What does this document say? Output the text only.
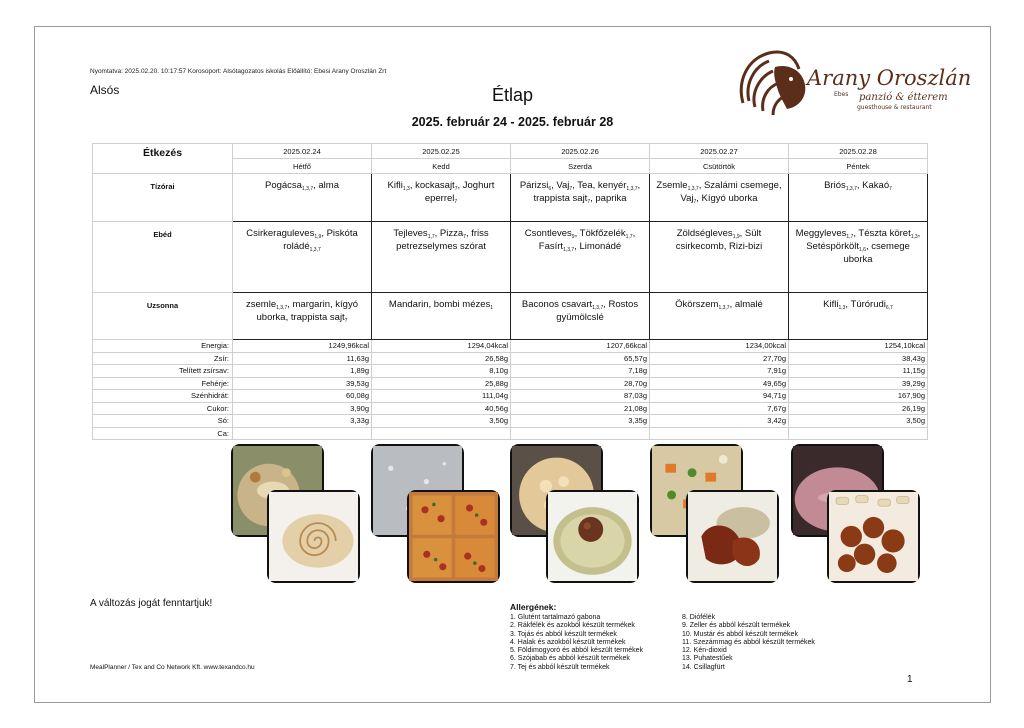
Nyomtatva: 2025.02.20. 10:17:57 Korosoport: Alsótagozatos iskolás Előállító: Ebesi Arany Oroszlán Zrt
Alsós	Étlap
2025. február 24 - 2025. február 28
Arany Oroszlán
Ebes panzió & étterem
guesthouse & restaurant
Étkezés	2025.02.24	2025.02.25	2025.02.26	2025.02.27	2025.02.28
	Hétfő	Kedd	Szerda	Csütörtök	Péntek
Tízórai	Pogácsa$_{1,3,7}$, alma	Kifli$_{1,3}$, kockasajt$_7$, Joghurt eperrel$_7$	Párizsi$_6$, Vaj$_7$, Tea, kenyér$_{1,3,7}$, trappista sajt$_7$, paprika	Zsemle$_{1,3,7}$, Szalámi csemege, Vaj$_7$, Kígyó uborka	Briós$_{1,3,7}$, Kakaó$_7$
Ebéd	Csirkeraguleves$_{1,9}$, Piskóta roládé$_{1,3,7}$	Tejleves$_{1,7}$, Pizza$_7$, friss petrezselymes szórat	Csontleves$_9$, Tökfőzelék$_{1,7}$, Fasírt$_{1,3,7}$, Limonádé	Zöldségleves$_{1,9}$, Sült csirkecomb, Rizi-bizi	Meggyleves$_{1,7}$, Tészta köret$_{1,3}$, Setéspörkölt$_{1,6}$, csemege uborka
Uzsonna	zsemle$_{1,3,7}$, margarin, kígyó uborka, trappista sajt$_7$	Mandarin, bombi mézes$_1$	Baconos csavart$_{1,3,7}$, Rostos gyümölcslé	Ökörszem$_{1,3,7}$, almalé	Kifli$_{1,3}$, Túrórudi$_{6,7}$
Energia:	1249,96kcal	1294,04kcal	1207,66kcal	1234,00kcal	1254,10kcal
Zsír:	11,63g	26,58g	65,57g	27,70g	38,43g
Telített zsírsav:	1,89g	8,10g	7,18g	7,91g	11,15g
Fehérje:	39,53g	25,88g	28,70g	49,65g	39,29g
Szénhidrát:	60,08g	111,04g	87,03g	94,71g	167,90g
Cukor:	3,90g	40,56g	21,08g	7,67g	26,19g
Só:	3,33g	3,50g	3,35g	3,42g	3,50g
Ca:					
A változás jogát fenntartjuk!	Allergének:
1. Glutént tartalmazó gabona
2. Rákfélék és azokból készült termékek
3. Tojás és abból készült termékek
4. Halak és azokból készült termékek
5. Földimogyoró és abból készült termékek
6. Szójabab és abból készült termékek
7. Tej és abból készült termékek
8. Diófélék
9. Zeller és abból készült termékek
10. Mustár és abból készült termékek
11. Szezámmag és abból készült termékek
12. Kén-dioxid
13. Puhatestűek
14. Csillagfürt
MealPlanner / Tex and Co Network Kft. www.texandco.hu
1
